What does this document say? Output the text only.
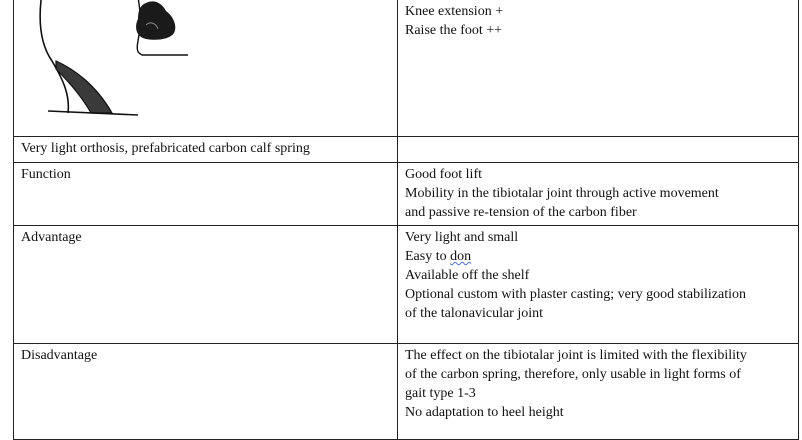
Knee extension +
Raise the foot ++

Very light orthosis, prefabricated carbon calf spring	
Function	Good foot lift
Mobility in the tibiotalar joint through active movement
and passive re-tension of the carbon fiber

Advantage	Very light and small
Easy to don
Available off the shelf
Optional custom with plaster casting; very good stabilization
of the talonavicular joint

Disadvantage	The effect on the tibiotalar joint is limited with the flexibility
of the carbon spring, therefore, only usable in light forms of
gait type 1-3
No adaptation to heel height
